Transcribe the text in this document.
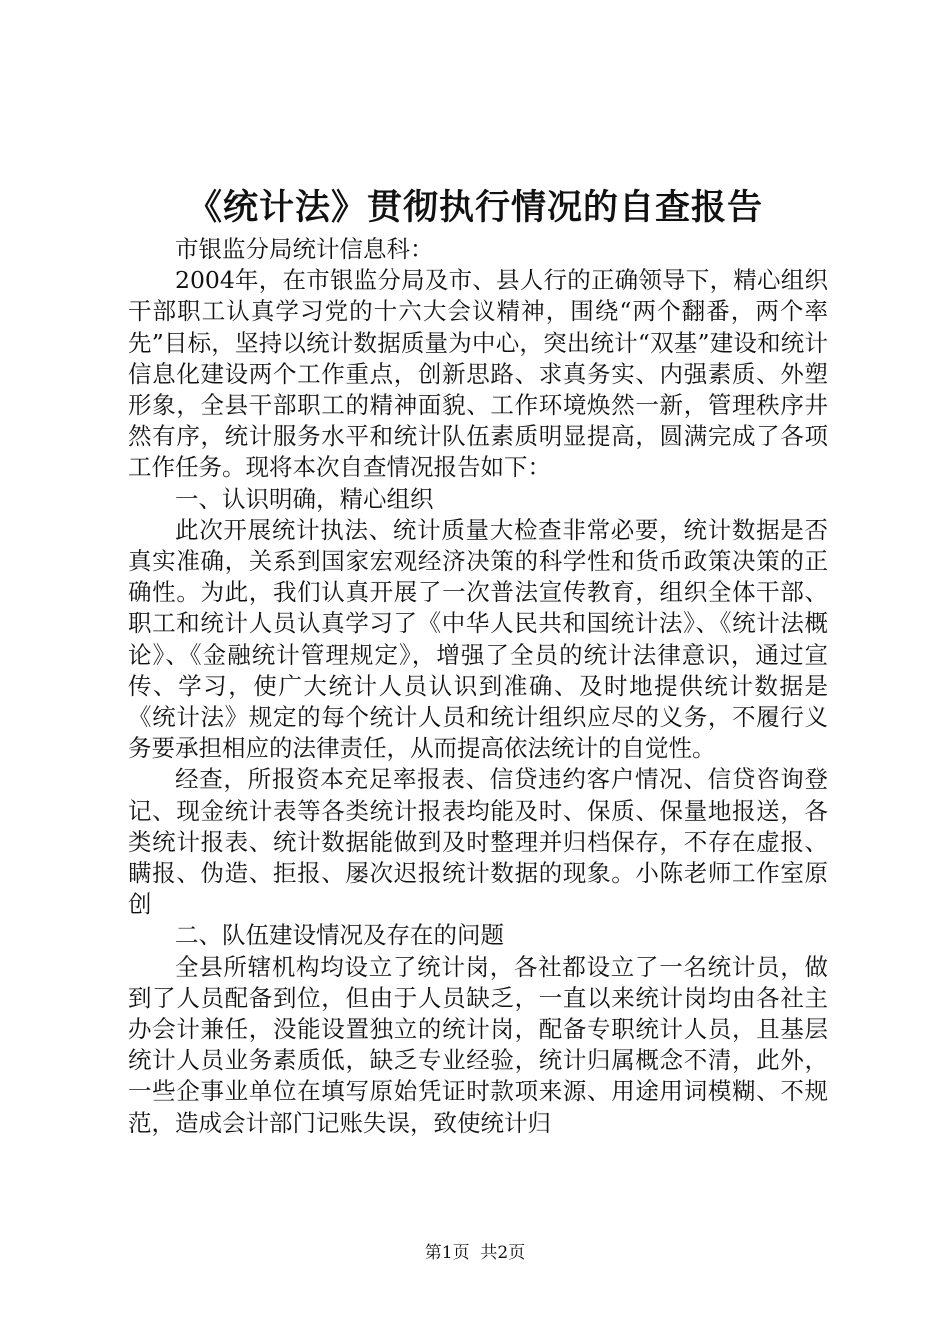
《统计法》贯彻执行情况的自查报告

市银监分局统计信息科：

2004年，在市银监分局及市、县人行的正确领导下，精心组织干部职工认真学习党的十六大会议精神，围绕“两个翻番，两个率先”目标，坚持以统计数据质量为中心，突出统计“双基”建设和统计信息化建设两个工作重点，创新思路、求真务实、内强素质、外塑形象，全县干部职工的精神面貌、工作环境焕然一新，管理秩序井然有序，统计服务水平和统计队伍素质明显提高，圆满完成了各项工作任务。现将本次自查情况报告如下：

一、认识明确，精心组织

此次开展统计执法、统计质量大检查非常必要，统计数据是否真实准确，关系到国家宏观经济决策的科学性和货币政策决策的正确性。为此，我们认真开展了一次普法宣传教育，组织全体干部、职工和统计人员认真学习了《中华人民共和国统计法》、《统计法概论》、《金融统计管理规定》，增强了全员的统计法律意识，通过宣传、学习，使广大统计人员认识到准确、及时地提供统计数据是《统计法》规定的每个统计人员和统计组织应尽的义务，不履行义务要承担相应的法律责任，从而提高依法统计的自觉性。

经查，所报资本充足率报表、信贷违约客户情况、信贷咨询登记、现金统计表等各类统计报表均能及时、保质、保量地报送，各类统计报表、统计数据能做到及时整理并归档保存，不存在虚报、瞒报、伪造、拒报、屡次迟报统计数据的现象。小陈老师工作室原创

二、队伍建设情况及存在的问题

全县所辖机构均设立了统计岗，各社都设立了一名统计员，做到了人员配备到位，但由于人员缺乏，一直以来统计岗均由各社主办会计兼任，没能设置独立的统计岗，配备专职统计人员，且基层统计人员业务素质低，缺乏专业经验，统计归属概念不清，此外，一些企事业单位在填写原始凭证时款项来源、用途用词模糊、不规范，造成会计部门记账失误，致使统计归

第1页 共2页
